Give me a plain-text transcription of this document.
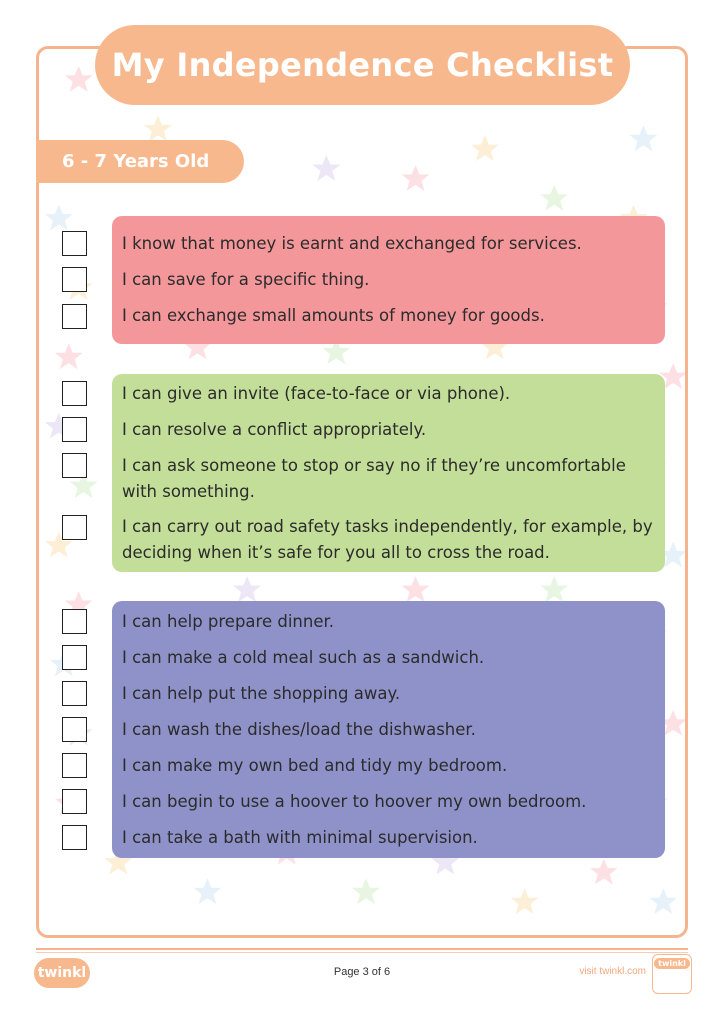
My Independence Checklist
6 - 7 Years Old
I know that money is earnt and exchanged for services.
I can save for a specific thing.
I can exchange small amounts of money for goods.
I can give an invite (face-to-face or via phone).
I can resolve a conflict appropriately.
I can ask someone to stop or say no if they’re uncomfortable with something.
I can carry out road safety tasks independently, for example, by deciding when it’s safe for you all to cross the road.
I can help prepare dinner.
I can make a cold meal such as a sandwich.
I can help put the shopping away.
I can wash the dishes/load the dishwasher.
I can make my own bed and tidy my bedroom.
I can begin to use a hoover to hoover my own bedroom.
I can take a bath with minimal supervision.
twinkl	Page 3 of 6	visit twinkl.com
twinkl
